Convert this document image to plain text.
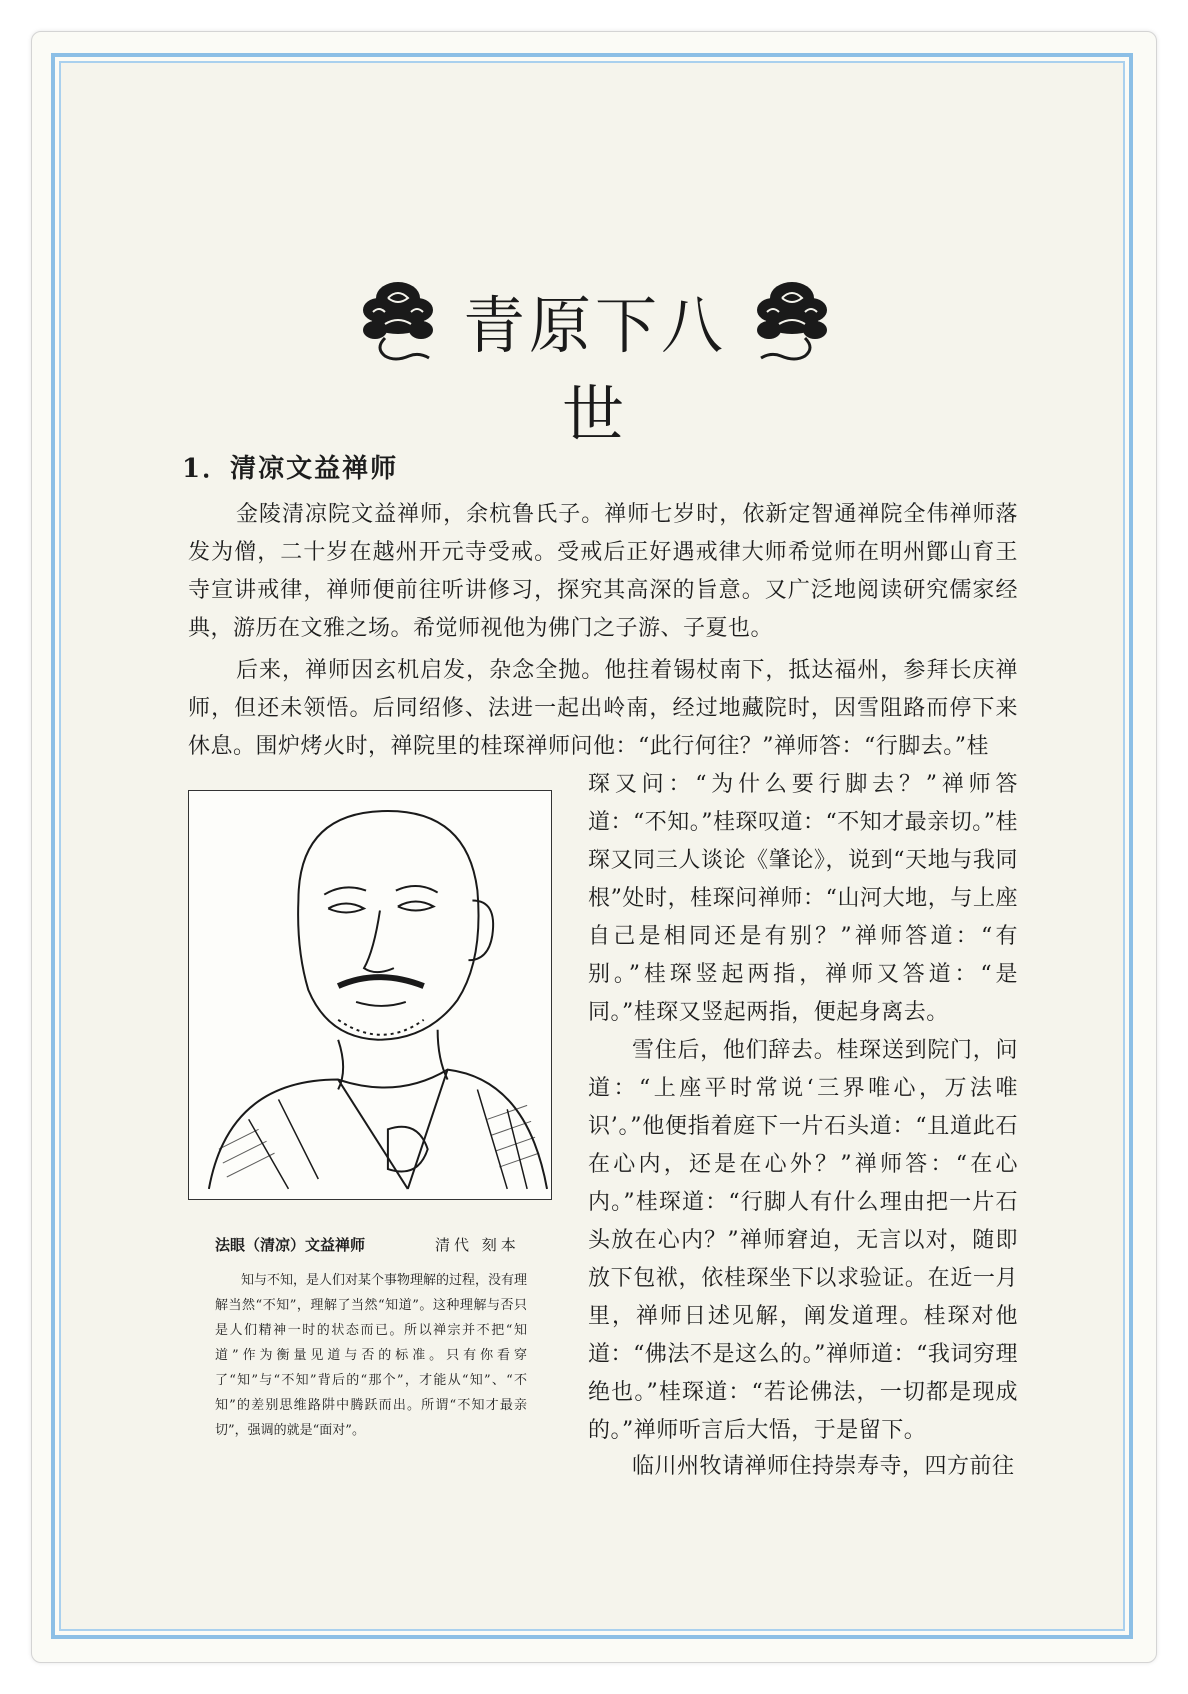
青原下八世
1．清凉文益禅师

金陵清凉院文益禅师，余杭鲁氏子。禅师七岁时，依新定智通禅院全伟禅师落发为僧，二十岁在越州开元寺受戒。受戒后正好遇戒律大师希觉师在明州鄮山育王寺宣讲戒律，禅师便前往听讲修习，探究其高深的旨意。又广泛地阅读研究儒家经典，游历在文雅之场。希觉师视他为佛门之子游、子夏也。

后来，禅师因玄机启发，杂念全抛。他拄着锡杖南下，抵达福州，参拜长庆禅师，但还未领悟。后同绍修、法进一起出岭南，经过地藏院时，因雪阻路而停下来休息。围炉烤火时，禅院里的桂琛禅师问他：“此行何往？”禅师答：“行脚去。”桂

琛又问：“为什么要行脚去？”禅师答道：“不知。”桂琛叹道：“不知才最亲切。”桂琛又同三人谈论《肇论》，说到“天地与我同根”处时，桂琛问禅师：“山河大地，与上座自己是相同还是有别？”禅师答道：“有别。”桂琛竖起两指，禅师又答道：“是同。”桂琛又竖起两指，便起身离去。

雪住后，他们辞去。桂琛送到院门，问道：“上座平时常说‘三界唯心，万法唯识’。”他便指着庭下一片石头道：“且道此石在心内，还是在心外？”禅师答：“在心内。”桂琛道：“行脚人有什么理由把一片石头放在心内？”禅师窘迫，无言以对，随即放下包袱，依桂琛坐下以求验证。在近一月里，禅师日述见解，阐发道理。桂琛对他道：“佛法不是这么的。”禅师道：“我词穷理绝也。”桂琛道：“若论佛法，一切都是现成的。”禅师听言后大悟，于是留下。

临川州牧请禅师住持崇寿寺，四方前往

法眼（清凉）文益禅师	清代 刻本

知与不知，是人们对某个事物理解的过程，没有理解当然“不知”，理解了当然“知道”。这种理解与否只是人们精神一时的状态而已。所以禅宗并不把“知道”作为衡量见道与否的标准。只有你看穿了“知”与“不知”背后的“那个”，才能从“知”、“不知”的差别思维路阱中腾跃而出。所谓“不知才最亲切”，强调的就是“面对”。
